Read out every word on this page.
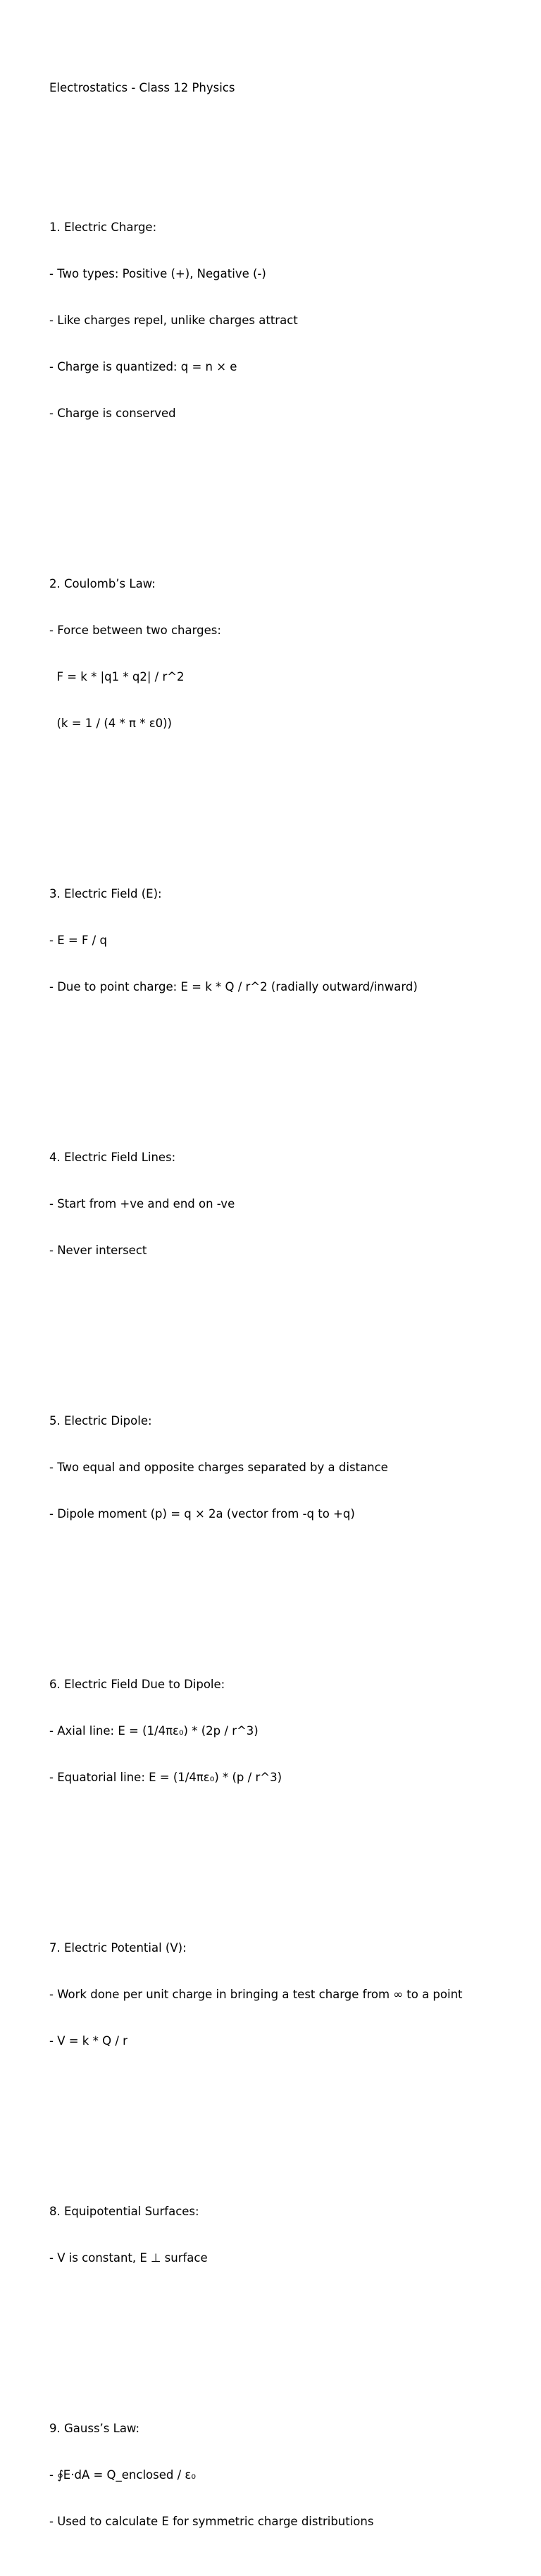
Electrostatics - Class 12 Physics

1. Electric Charge:

- Two types: Positive (+), Negative (-)

- Like charges repel, unlike charges attract

- Charge is quantized: q = n × e

- Charge is conserved

2. Coulomb’s Law:

- Force between two charges:

F = k * |q1 * q2| / r^2

(k = 1 / (4 * π * ε0))

3. Electric Field (E):

- E = F / q

- Due to point charge: E = k * Q / r^2 (radially outward/inward)

4. Electric Field Lines:

- Start from +ve and end on -ve

- Never intersect

5. Electric Dipole:

- Two equal and opposite charges separated by a distance

- Dipole moment (p) = q × 2a (vector from -q to +q)

6. Electric Field Due to Dipole:

- Axial line: E = (1/4πε₀) * (2p / r^3)

- Equatorial line: E = (1/4πε₀) * (p / r^3)

7. Electric Potential (V):

- Work done per unit charge in bringing a test charge from ∞ to a point

- V = k * Q / r

8. Equipotential Surfaces:

- V is constant, E ⊥ surface

9. Gauss’s Law:

- ∮E·dA = Q_enclosed / ε₀

- Used to calculate E for symmetric charge distributions
